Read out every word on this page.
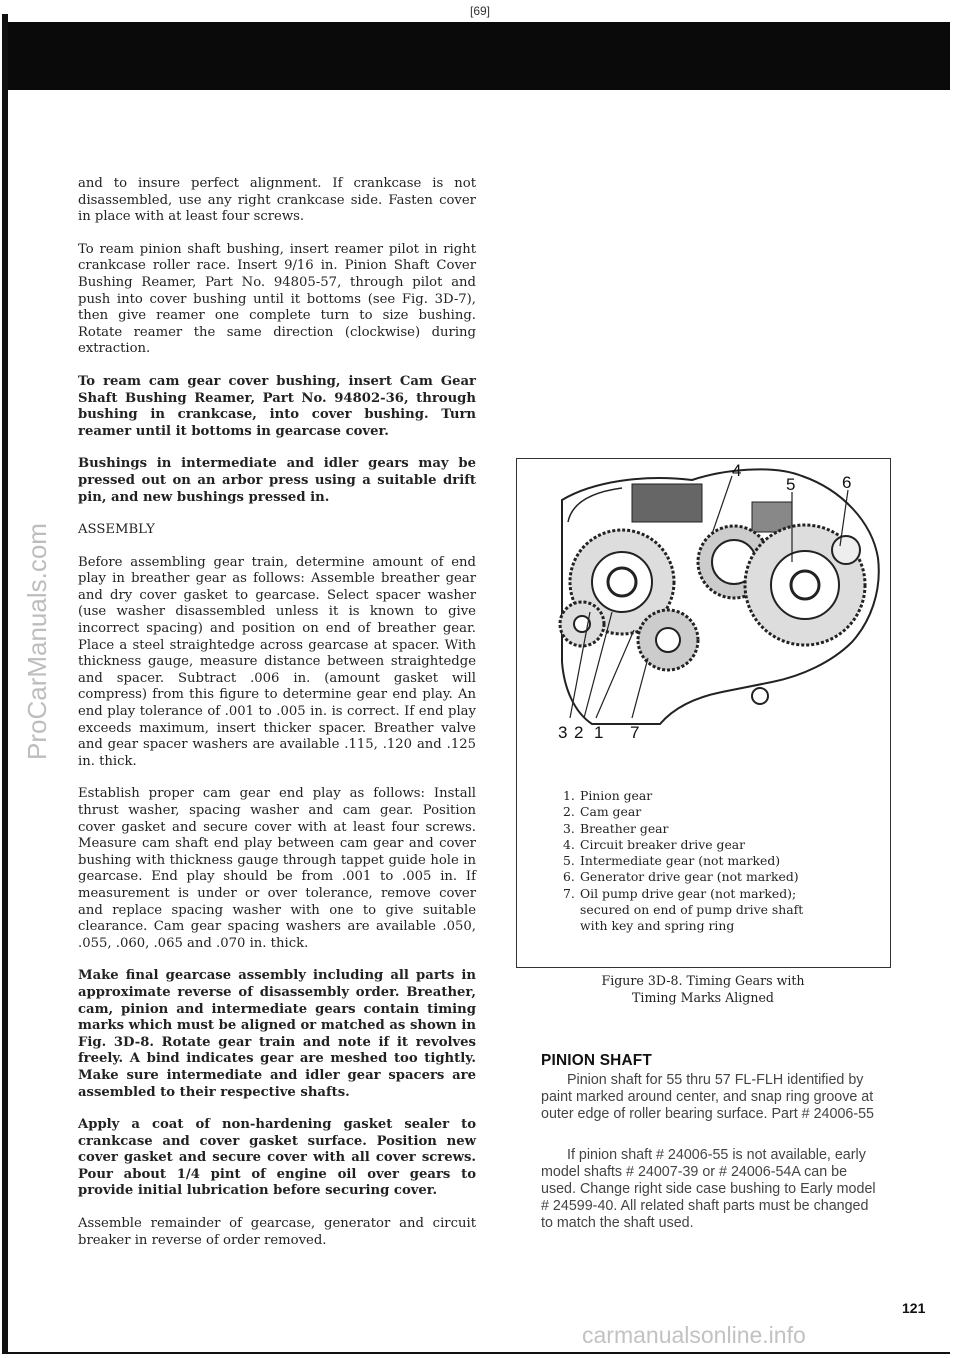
[69]
ProCarManuals.com

and to insure perfect alignment. If crankcase is not disassembled, use any right crankcase side. Fasten cover in place with at least four screws.

To ream pinion shaft bushing, insert reamer pilot in right crankcase roller race. Insert 9/16 in. Pinion Shaft Cover Bushing Reamer, Part No. 94805-57, through pilot and push into cover bushing until it bottoms (see Fig. 3D-7), then give reamer one complete turn to size bushing. Rotate reamer the same direction (clockwise) during extraction.

To ream cam gear cover bushing, insert Cam Gear Shaft Bushing Reamer, Part No. 94802-36, through bushing in crankcase, into cover bushing. Turn reamer until it bottoms in gearcase cover.

Bushings in intermediate and idler gears may be pressed out on an arbor press using a suitable drift pin, and new bushings pressed in.

ASSEMBLY

Before assembling gear train, determine amount of end play in breather gear as follows: Assemble breather gear and dry cover gasket to gearcase. Select spacer washer (use washer disassembled unless it is known to give incorrect spacing) and position on end of breather gear. Place a steel straightedge across gearcase at spacer. With thickness gauge, measure distance between straightedge and spacer. Subtract .006 in. (amount gasket will compress) from this figure to determine gear end play. An end play tolerance of .001 to .005 in. is correct. If end play exceeds maximum, insert thicker spacer. Breather valve and gear spacer washers are available .115, .120 and .125 in. thick.

Establish proper cam gear end play as follows: Install thrust washer, spacing washer and cam gear. Position cover gasket and secure cover with at least four screws. Measure cam shaft end play between cam gear and cover bushing with thickness gauge through tappet guide hole in gearcase. End play should be from .001 to .005 in. If measurement is under or over tolerance, remove cover and replace spacing washer with one to give suitable clearance. Cam gear spacing washers are available .050, .055, .060, .065 and .070 in. thick.

Make final gearcase assembly including all parts in approximate reverse of disassembly order. Breather, cam, pinion and intermediate gears contain timing marks which must be aligned or matched as shown in Fig. 3D-8. Rotate gear train and note if it revolves freely. A bind indicates gear are meshed too tightly. Make sure intermediate and idler gear spacers are assembled to their respective shafts.

Apply a coat of non-hardening gasket sealer to crankcase and cover gasket surface. Position new cover gasket and secure cover with all cover screws. Pour about 1/4 pint of engine oil over gears to provide initial lubrication before securing cover.

Assemble remainder of gearcase, generator and circuit breaker in reverse of order removed.

4
5	6
3 2 1 7
1. Pinion gear
2. Cam gear
3. Breather gear
4. Circuit breaker drive gear
5. Intermediate gear (not marked)
6. Generator drive gear (not marked)
7. Oil pump drive gear (not marked); secured on end of pump drive shaft with key and spring ring
Figure 3D-8. Timing Gears with
Timing Marks Aligned
PINION SHAFT

Pinion shaft for 55 thru 57 FL-FLH identified by paint marked around center, and snap ring groove at outer edge of roller bearing surface. Part # 24006-55

If pinion shaft # 24006-55 is not available, early model shafts # 24007-39 or # 24006-54A can be used. Change right side case bushing to Early model # 24599-40. All related shaft parts must be changed to match the shaft used.

121
carmanualsonline.info
